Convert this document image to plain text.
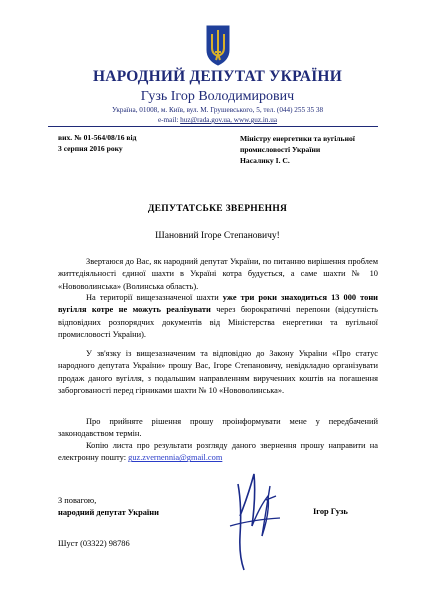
НАРОДНИЙ ДЕПУТАТ УКРАЇНИ
Гузь Ігор Володимирович
Україна, 01008, м. Київ, вул. М. Грушевського, 5, тел. (044) 255 35 38
e-mail: huz@rada.gov.ua, www.guz.in.ua
вих. № 01-564/08/16 від
3 серпня 2016 року
Міністру енергетики та вугільної
промисловості України
Насалику І. С.
ДЕПУТАТСЬКЕ ЗВЕРНЕННЯ
Шановний Ігоре Степановичу!

Звертаюся до Вас, як народний депутат України, по питанню вирішення проблем життєдіяльності єдиної шахти в Україні котра будується, а саме шахти № 10 «Нововолинська» (Волинська область).

На території вищезазначеної шахти уже три роки знаходиться 13 000 тони вугілля котре не можуть реалізувати через бюрократичні перепони (відсутність відповідних розпорядчих документів від Міністерства енергетики та вугільної промисловості України).

У зв'язку із вищезазначеним та відповідно до Закону України «Про статус народного депутата України» прошу Вас, Ігоре Степановичу, невідкладно організувати продаж даного вугілля, з подальшим направленням вирученних коштів на погашення заборгованості перед гірниками шахти № 10 «Нововолинська».

Про прийняте рішення прошу проінформувати мене у передбачений законодавством термін.

Копію листа про результати розгляду даного звернення прошу направити на електронну пошту: guz.zvernennia@gmail.com

З повагою,
народний депутат України	Ігор Гузь
Шуст (03322) 98786
